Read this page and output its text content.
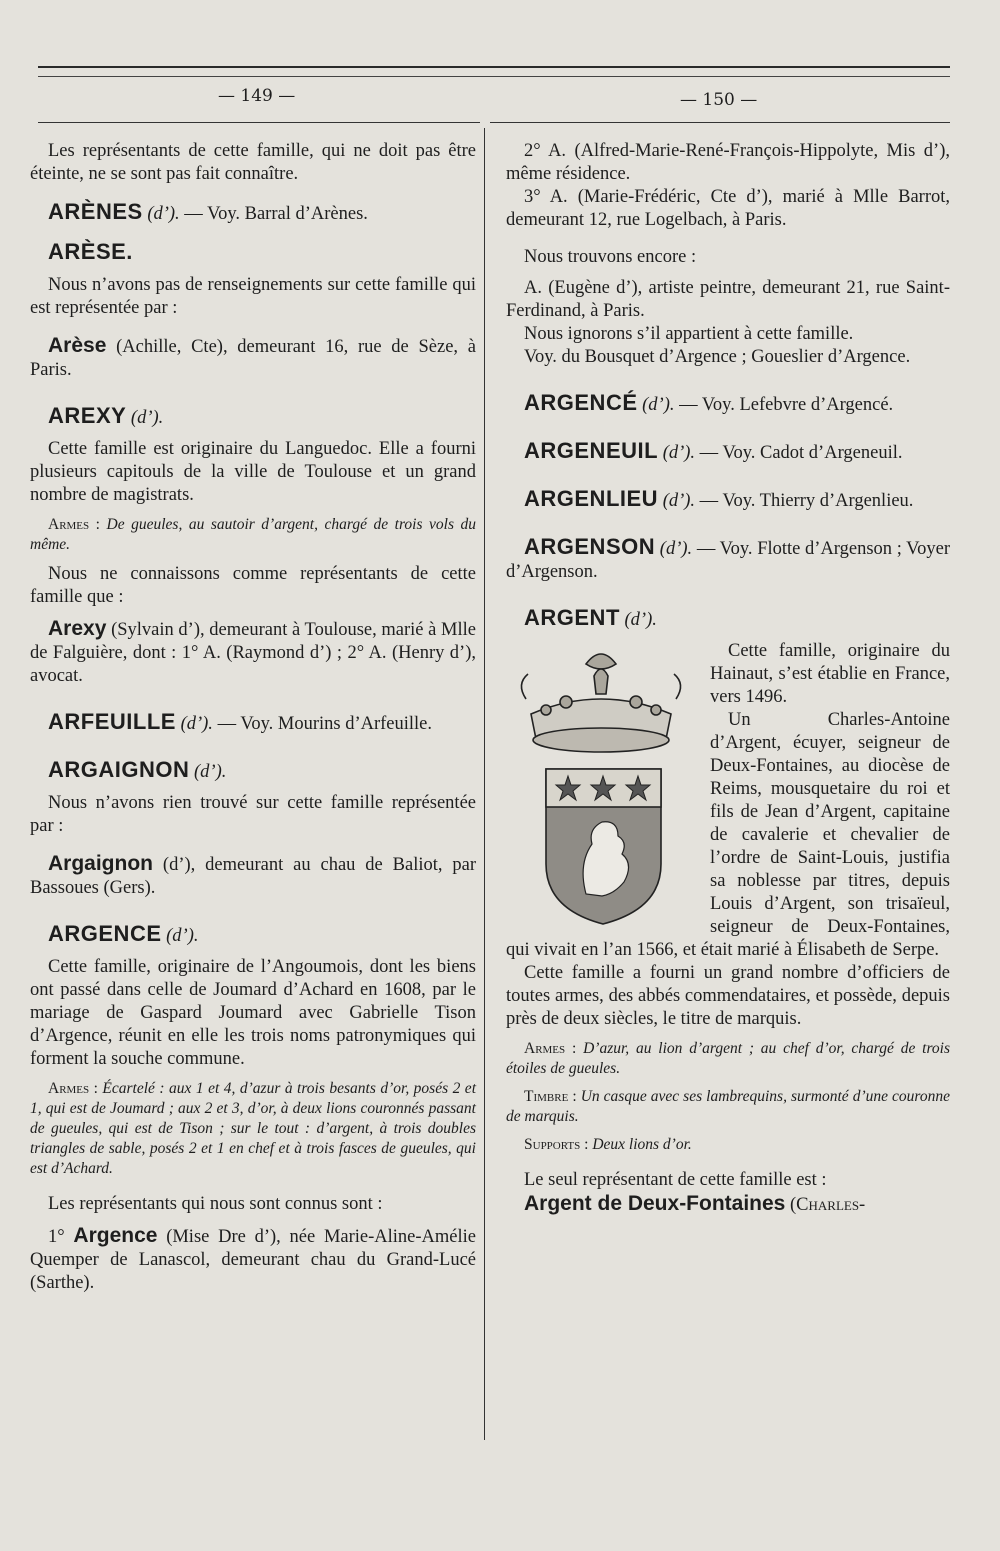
— 149 —	— 150 —

Les représentants de cette famille, qui ne doit pas être éteinte, ne se sont pas fait connaître.

ARÈNES (d’). — Voy. Barral d’Arènes.

ARÈSE.

Nous n’avons pas de renseignements sur cette famille qui est représentée par :

Arèse (Achille, Cte), demeurant 16, rue de Sèze, à Paris.

AREXY (d’).

Cette famille est originaire du Languedoc. Elle a fourni plusieurs capitouls de la ville de Toulouse et un grand nombre de magistrats.

Armes : De gueules, au sautoir d’argent, chargé de trois vols du même.

Nous ne connaissons comme représentants de cette famille que :

Arexy (Sylvain d’), demeurant à Toulouse, marié à Mlle de Falguière, dont : 1° A. (Raymond d’) ; 2° A. (Henry d’), avocat.

ARFEUILLE (d’). — Voy. Mourins d’Arfeuille.

ARGAIGNON (d’).

Nous n’avons rien trouvé sur cette famille représentée par :

Argaignon (d’), demeurant au chau de Baliot, par Bassoues (Gers).

ARGENCE (d’).

Cette famille, originaire de l’Angoumois, dont les biens ont passé dans celle de Joumard d’Achard en 1608, par le mariage de Gaspard Joumard avec Gabrielle Tison d’Argence, réunit en elle les trois noms patronymiques qui forment la souche commune.

Armes : Écartelé : aux 1 et 4, d’azur à trois besants d’or, posés 2 et 1, qui est de Joumard ; aux 2 et 3, d’or, à deux lions couronnés passant de gueules, qui est de Tison ; sur le tout : d’argent, à trois doubles triangles de sable, posés 2 et 1 en chef et à trois fasces de gueules, qui est d’Achard.

Les représentants qui nous sont connus sont :

1° Argence (Mise Dre d’), née Marie-Aline-Amélie Quemper de Lanascol, demeurant chau du Grand-Lucé (Sarthe).

2° A. (Alfred-Marie-René-François-Hippolyte, Mis d’), même résidence.

3° A. (Marie-Frédéric, Cte d’), marié à Mlle Barrot, demeurant 12, rue Logelbach, à Paris.

Nous trouvons encore :

A. (Eugène d’), artiste peintre, demeurant 21, rue Saint-Ferdinand, à Paris.

Nous ignorons s’il appartient à cette famille.

Voy. du Bousquet d’Argence ; Goueslier d’Argence.

ARGENCÉ (d’). — Voy. Lefebvre d’Argencé.

ARGENEUIL (d’). — Voy. Cadot d’Argeneuil.

ARGENLIEU (d’). — Voy. Thierry d’Argenlieu.

ARGENSON (d’). — Voy. Flotte d’Argenson ; Voyer d’Argenson.

ARGENT (d’).

Cette famille, originaire du Hainaut, s’est établie en France, vers 1496.

Un Charles-Antoine d’Argent, écuyer, seigneur de Deux-Fontaines, au diocèse de Reims, mousquetaire du roi et fils de Jean d’Argent, capitaine de cavalerie et chevalier de l’ordre de Saint-Louis, justifia sa noblesse par titres, depuis Louis d’Argent, son trisaïeul, seigneur de Deux-Fontaines, qui vivait en l’an 1566, et était marié à Élisabeth de Serpe.

Cette famille a fourni un grand nombre d’officiers de toutes armes, des abbés commendataires, et possède, depuis près de deux siècles, le titre de marquis.

Armes : D’azur, au lion d’argent ; au chef d’or, chargé de trois étoiles de gueules.

Timbre : Un casque avec ses lambrequins, surmonté d’une couronne de marquis.

Supports : Deux lions d’or.

Le seul représentant de cette famille est :

Argent de Deux-Fontaines (Charles-
